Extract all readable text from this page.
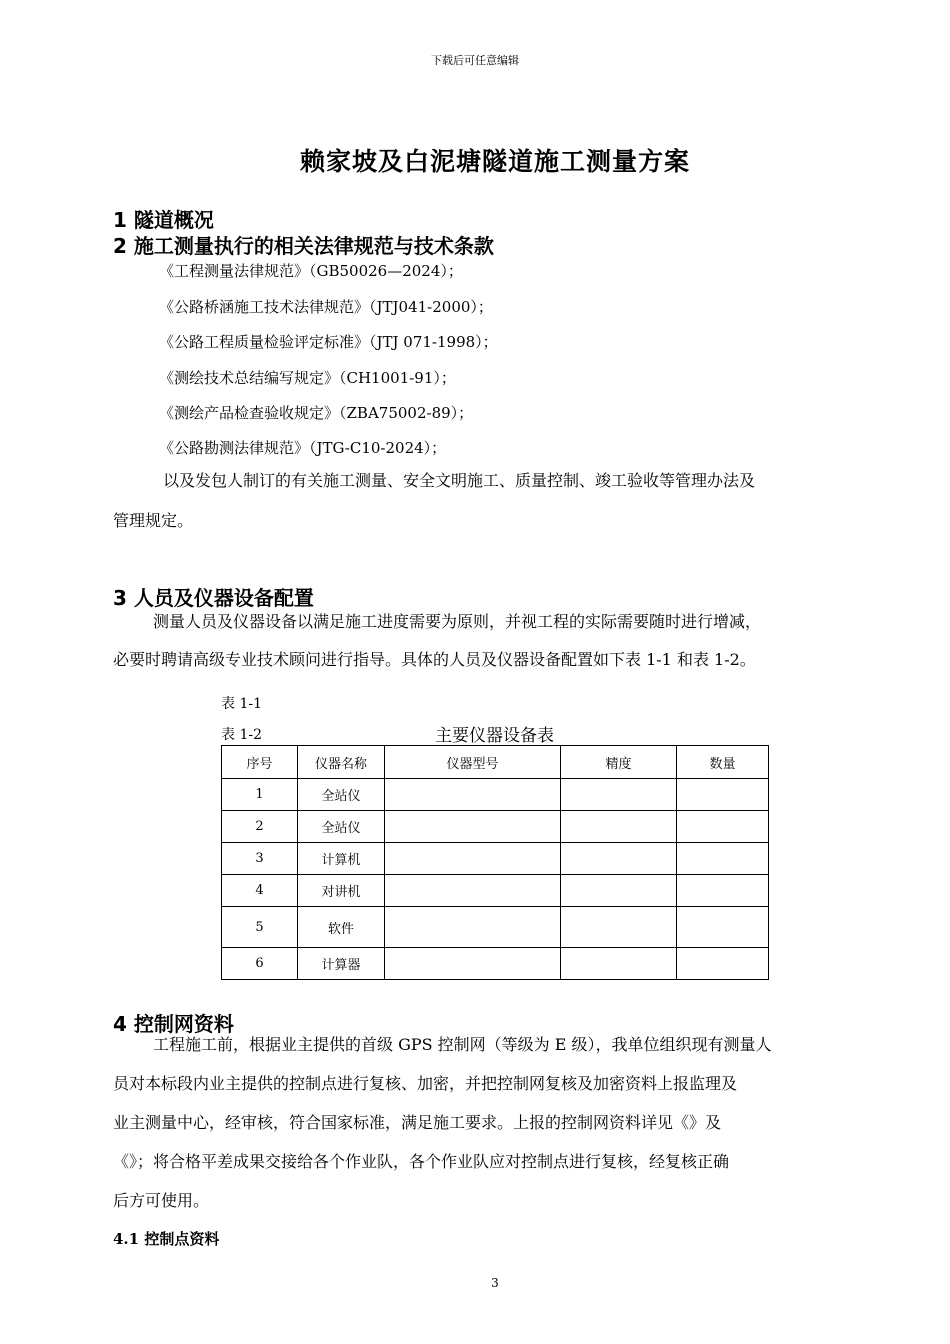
下载后可任意编辑
赖家坡及白泥塘隧道施工测量方案
1 隧道概况
2 施工测量执行的相关法律规范与技术条款
《工程测量法律规范》（GB50026—2024）；
《公路桥涵施工技术法律规范》（JTJ041-2000）；
《公路工程质量检验评定标准》（JTJ 071-1998）；
《测绘技术总结编写规定》（CH1001-91）；
《测绘产品检查验收规定》（ZBA75002-89）；
《公路勘测法律规范》（JTG-C10-2024）；
以及发包人制订的有关施工测量、安全文明施工、质量控制、竣工验收等管理办法及
管理规定。
3 人员及仪器设备配置
测量人员及仪器设备以满足施工进度需要为原则，并视工程的实际需要随时进行增减，
必要时聘请高级专业技术顾问进行指导。具体的人员及仪器设备配置如下表 1-1 和表 1-2。
表 1-1
表 1-2	主要仪器设备表
序号	仪器名称	仪器型号	精度	数量
1	全站仪			
2	全站仪			
3	计算机			
4	对讲机			
5	软件			
6	计算器			
4 控制网资料
工程施工前，根据业主提供的首级 GPS 控制网（等级为 E 级），我单位组织现有测量人
员对本标段内业主提供的控制点进行复核、加密，并把控制网复核及加密资料上报监理及
业主测量中心，经审核，符合国家标准，满足施工要求。上报的控制网资料详见《》及
《》；将合格平差成果交接给各个作业队，各个作业队应对控制点进行复核，经复核正确
后方可使用。
4.1 控制点资料
3
